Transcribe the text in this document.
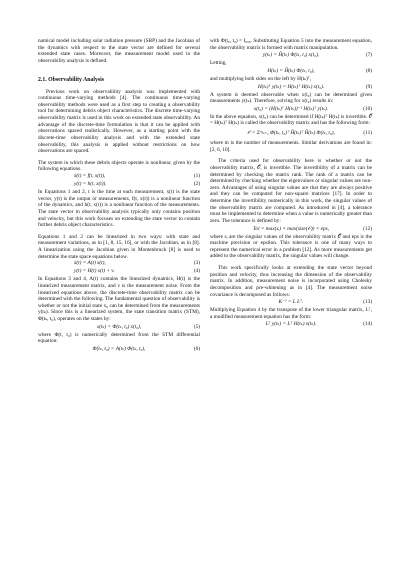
namical model including solar radiation pressure (SRP) and the Jacobian of the dynamics with respect to the state vector are defined for several extended state cases. Moreover, the measurement model used in the observability analysis is defined.

2.1. Observability Analysis

Previous work on observability analysis was implemented with continuous time-varying methods [4]. The continuous time-varying observability methods were used as a first step to creating a observability tool for determining debris object characteristics. The discrete time-varying observability matrix is used in this work on extended state observability. An advantage of the discrete-time formulation is that it can be applied with observations spaced realistically. However, as a starting point with the discrete-time observability analysis and with the extended state observability, this analysis is applied without restrictions on how observations are spaced.

The system in which these debris objects operate is nonlinear, given by the following equations.

ẋ(t) = f(t, x(t)),	(1)
y(t) = h(t, x(t)).	(2)

In Equations 1 and 2, t is the time at each measurement, x(t) is the state vector, y(t) is the output or measurements, f(t, x(t)) is a nonlinear function of the dynamics, and h(t, x(t)) is a nonlinear function of the measurements. The state vector in observability analysis typically only contains position and velocity, but this work focuses on extending the state vector to contain further debris object characteristics.

Equations 1 and 2 can be linearized in two ways: with state and measurement variations, as in [1, 8, 15, 16], or with the Jacobian, as in [8]. A linearization using the Jacobian given in Montenbruck [8] is used to determine the state space equations below.

ẋ(t) = A(t) x(t),	(3)
y(t) = H(t) x(t) + ν.	(4)

In Equations 3 and 4, A(t) contains the linearized dynamics, H(t) is the linearized measurement matrix, and ν is the measurement noise. From the linearized equations above, the discrete-time observability matrix can be determined with the following. The fundamental question of observability is whether or not the initial state x₀ can be determined from the measurements y(tₖ). Since this is a linearized system, the state transition matrix (STM), Φ(tₖ, t₀), operates on the states by:

x(tₖ) = Φ(tₖ, t₀) x(t₀),	(5)

where Φ(t, t₀) is numerically determined from the STM differential equation:

Φ̇(tₖ, t₀) = A(tₖ) Φ(tₖ, t₀),	(6)

with Φ(t₀, t₀) = I₆ₓ₆. Substituting Equation 5 into the measurement equation, the observability matrix is formed with matrix manipulation.

y(tₖ) = H̃(tₖ) Φ(tₖ, t₀) x(t₀),	(7)

Letting,

H(tₖ) = H̃(tₖ) Φ(tₖ, t₀),	(8)

and multiplying both sides on the left by H(tₖ)ᵀ,

H(tₖ)ᵀ y(tₖ) = H(tₖ)ᵀ H(tₖ) x(t₀).	(9)

A system is deemed observable when x(t₀) can be determined given measurements y(tₖ). Therefore, solving for x(t₀) results in:

x(t₀) = (H(tₖ)ᵀ H(tₖ))⁻¹ H(tₖ)ᵀ y(tₖ).	(10)

In the above equation, x(t₀) can be determined if H(tₖ)ᵀ H(tₖ) is invertible. 𝒪 = H(tₖ)ᵀ H(tₖ) is called the observability matrix and has the following form:

𝒪 = Σᵐₖ₌₁ Φ(tₖ, t₀)ᵀ H̃(tₖ)ᵀ H̃(tₖ) Φ(tₖ, t₀),	(11)

where m is the number of measurements. Similar derivations are found in: [2, 6, 10].

The criteria used for observability here is whether or not the observability matrix, 𝒪, is invertible. The invertibility of a matrix can be determined by checking the matrix rank. The rank of a matrix can be determined by checking whether the eigenvalues or singular values are non-zero. Advantages of using singular values are that they are always positive and they can be computed for non-square matrices [17]. In order to determine the invertibility numerically in this work, the singular values of the observability matrix are computed. As introduced in [4], a tolerance must be implemented to determine when a value is numerically greater than zero. The tolerance is defined by:

Tol = max(sᵢ) × max(size(𝒪)) × eps,	(12)

where sᵢ are the singular values of the observability matrix 𝒪 and eps is the machine precision or epsilon. This tolerance is one of many ways to represent the numerical error in a problem [12]. As more measurements get added to the observability matrix, the singular values will change.

This work specifically looks at extending the state vector beyond position and velocity, thus increasing the dimension of the observability matrix. In addition, measurement noise is incorporated using Cholesky decomposition and pre-whitening as in [4]. The measurement noise covariance is decomposed as follows:

K⁻¹ = L Lᵀ.	(13)

Multiplying Equation 4 by the transpose of the lower triangular matrix, Lᵀ, a modified measurement equation has the form:

Lᵀ y(tₖ) = Lᵀ H(tₖ) x(tₖ).	(14)
